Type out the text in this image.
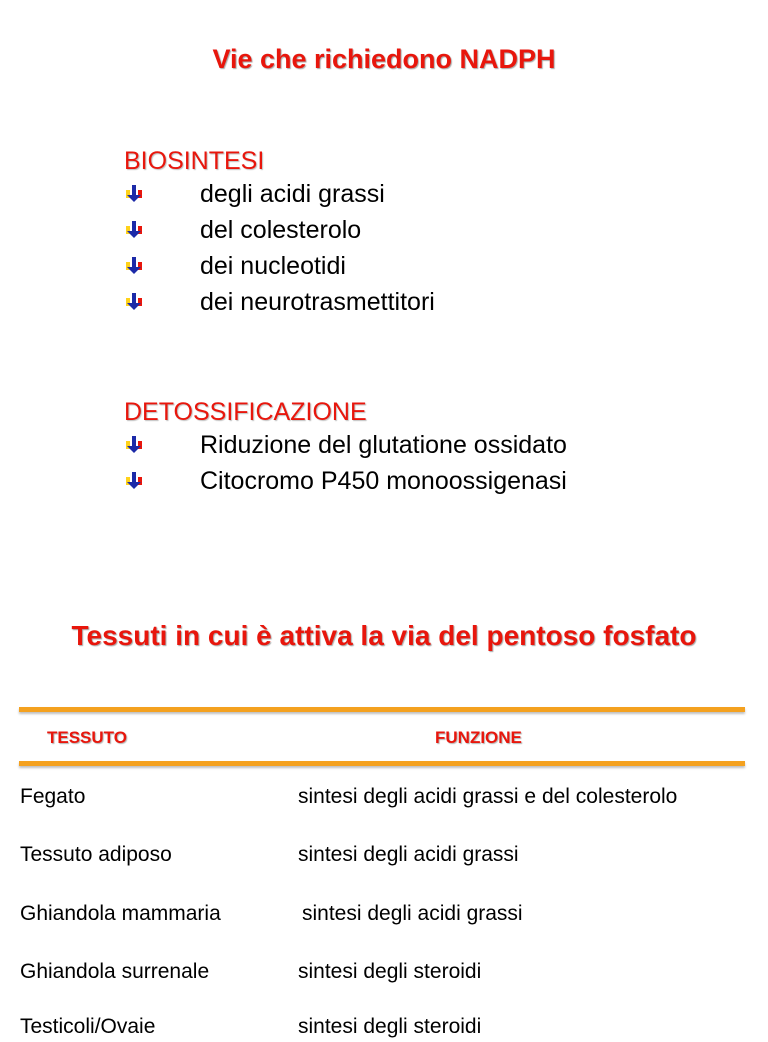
Vie che richiedono NADPH
BIOSINTESI
degli acidi grassi
del colesterolo
dei nucleotidi
dei neurotrasmettitori
DETOSSIFICAZIONE
Riduzione del glutatione ossidato
Citocromo P450 monoossigenasi
Tessuti in cui è attiva la via del pentoso fosfato
TESSUTO	FUNZIONE
Fegato	sintesi degli acidi grassi e del colesterolo
Tessuto adiposo	sintesi degli acidi grassi
Ghiandola mammaria	sintesi degli acidi grassi
Ghiandola surrenale	sintesi degli steroidi
Testicoli/Ovaie	sintesi degli steroidi
